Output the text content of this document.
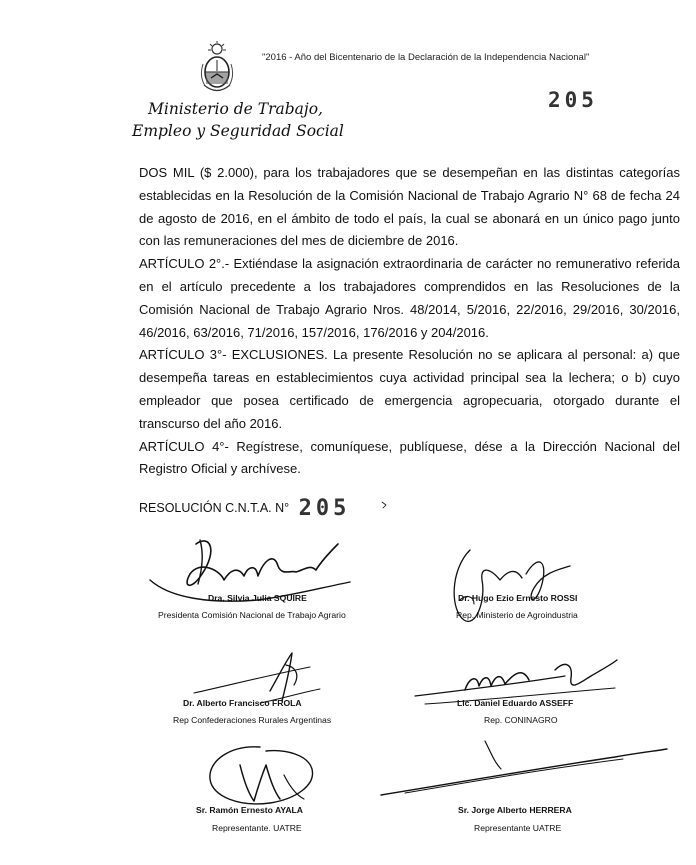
"2016 - Año del Bicentenario de la Declaración de la Independencia Nacional"
Ministerio de Trabajo,
Empleo y Seguridad Social
205

DOS MIL ($ 2.000), para los trabajadores que se desempeñan en las distintas categorías establecidas en la Resolución de la Comisión Nacional de Trabajo Agrario N° 68 de fecha 24 de agosto de 2016, en el ámbito de todo el país, la cual se abonará en un único pago junto con las remuneraciones del mes de diciembre de 2016.

ARTÍCULO 2°.- Extiéndase la asignación extraordinaria de carácter no remunerativo referida en el artículo precedente a los trabajadores comprendidos en las Resoluciones de la Comisión Nacional de Trabajo Agrario Nros. 48/2014, 5/2016, 22/2016, 29/2016, 30/2016, 46/2016, 63/2016, 71/2016, 157/2016, 176/2016 y 204/2016.

ARTÍCULO 3°- EXCLUSIONES. La presente Resolución no se aplicara al personal: a) que desempeña tareas en establecimientos cuya actividad principal sea la lechera; o b) cuyo empleador que posea certificado de emergencia agropecuaria, otorgado durante el transcurso del año 2016.

ARTÍCULO 4°- Regístrese, comuníquese, publíquese, dése a la Dirección Nacional del Registro Oficial y archívese.

RESOLUCIÓN C.N.T.A. N° 205
Dra. Silvia Julia SQUIRE
Presidenta Comisión Nacional de Trabajo Agrario
Dr. Hugo Ezio Ernesto ROSSI
Rep. Ministerio de Agroindustria
Dr. Alberto Francisco FROLA
Rep Confederaciones Rurales Argentinas
Lic. Daniel Eduardo ASSEFF
Rep. CONINAGRO
Sr. Ramón Ernesto AYALA
Representante. UATRE
Sr. Jorge Alberto HERRERA
Representante UATRE
